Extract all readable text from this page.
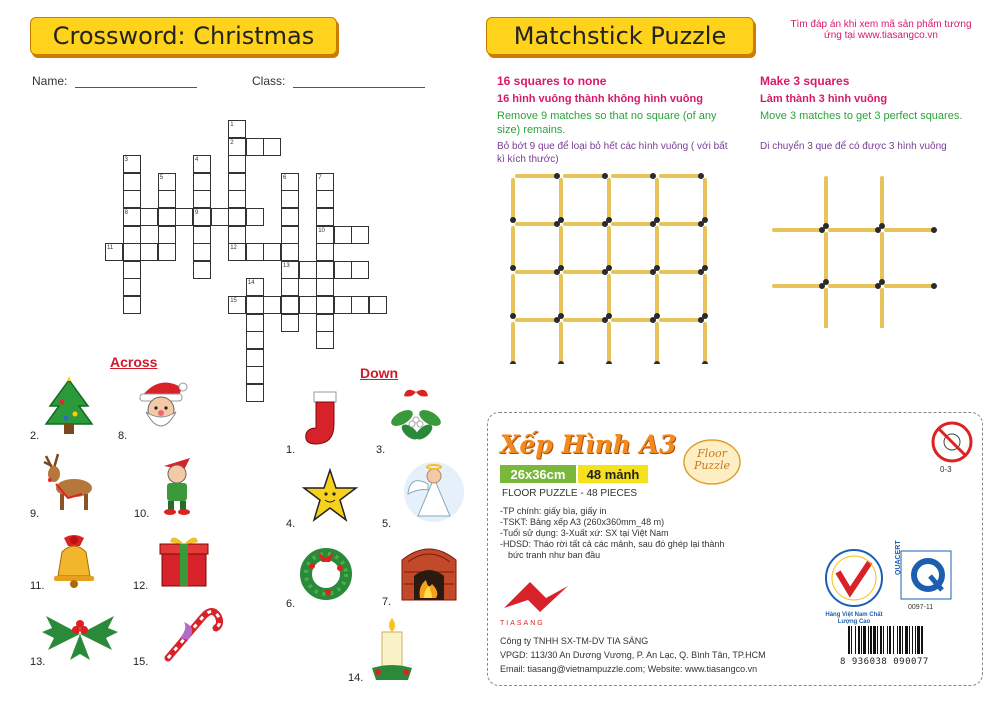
Crossword: Christmas
Name:	Class:
1
2
3	4
5	6	7
8	9
10
11	12
13
14
15
Across
Down
2.	8.
9.	10.
11.	12.
13.	15.
1.	3.
4.	5.
6.	7.
14.
Matchstick Puzzle	Tìm đáp án khi xem mã sản phẩm tương ứng tại www.tiasangco.vn
16 squares to none
16 hình vuông thành không hình vuông
Remove 9 matches so that no square (of any size) remains.
Bỏ bớt 9 que để loại bỏ hết các hình vuông ( với bất kì kích thước)
Make 3 squares
Làm thành 3 hình vuông
Move 3 matches to get 3 perfect squares.
Di chuyển 3 que để có được 3 hình vuông
Xếp Hình A3	Floor Puzzle
26x36cm	48 mảnh
FLOOR PUZZLE - 48 PIECES
-TP chính: giấy bìa, giấy in
-TSKT: Bảng xếp A3 (260x360mm_48 m)
-Tuổi sử dụng: 3-Xuất xứ: SX tại Việt Nam
-HDSD: Tháo rời tất cả các mảnh, sau đó ghép lại thành
bức tranh như ban đầu
0-3
TIASANG
Hàng Việt Nam Chất Lượng Cao
QUACERT
0097-11
Công ty TNHH SX-TM-DV TIA SÁNG
VPGD: 113/30 An Dương Vương, P. An Lạc, Q. Bình Tân, TP.HCM
Email: tiasang@vietnampuzzle.com; Website: www.tiasangco.vn
8 936038 090077
